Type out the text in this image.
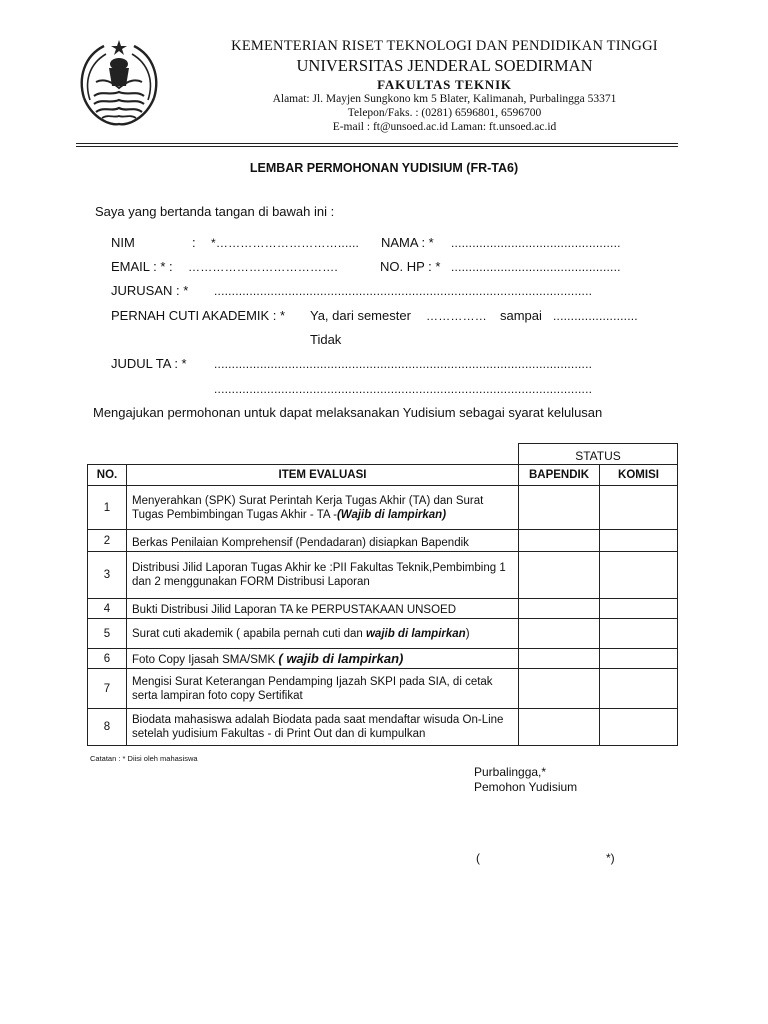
KEMENTERIAN RISET TEKNOLOGI DAN PENDIDIKAN TINGGI
UNIVERSITAS JENDERAL SOEDIRMAN
FAKULTAS TEKNIK
Alamat: Jl. Mayjen Sungkono km 5 Blater, Kalimanah, Purbalingga 53371
Telepon/Faks. : (0281) 6596801, 6596700
E-mail : ft@unsoed.ac.id Laman: ft.unsoed.ac.id
LEMBAR PERMOHONAN YUDISIUM (FR-TA6)
Saya yang bertanda tangan di bawah ini :
NIM	: *…………………………...... NAMA : * ................................................
EMAIL : * : ……………………………….	NO. HP : * ................................................
JURUSAN : * ...........................................................................................................
PERNAH CUTI AKADEMIK : * Ya, dari semester …………… sampai ........................
Tidak
JUDUL TA : * ...........................................................................................................
...........................................................................................................
Mengajukan permohonan untuk dapat melaksanakan Yudisium sebagai syarat kelulusan
STATUS
NO.	ITEM EVALUASI	BAPENDIK	KOMISI
1	Menyerahkan (SPK) Surat Perintah Kerja Tugas Akhir (TA) dan Surat Tugas Pembimbingan Tugas Akhir - TA -(Wajib di lampirkan)		
2	Berkas Penilaian Komprehensif (Pendadaran) disiapkan Bapendik		
3	Distribusi Jilid Laporan Tugas Akhir ke :PII Fakultas Teknik,Pembimbing 1 dan 2 menggunakan FORM Distribusi Laporan		
4	Bukti Distribusi Jilid Laporan TA ke PERPUSTAKAAN UNSOED		
5	Surat cuti akademik ( apabila pernah cuti dan wajib di lampirkan)		
6	Foto Copy Ijasah SMA/SMK ( wajib di lampirkan)		
7	Mengisi Surat Keterangan Pendamping Ijazah SKPI pada SIA, di cetak serta lampiran foto copy Sertifikat		
8	Biodata mahasiswa adalah Biodata pada saat mendaftar wisuda On-Line setelah yudisium Fakultas - di Print Out dan di kumpulkan		
Catatan : * Diisi oleh mahasiswa
Purbalingga,*
Pemohon Yudisium
(	*)
